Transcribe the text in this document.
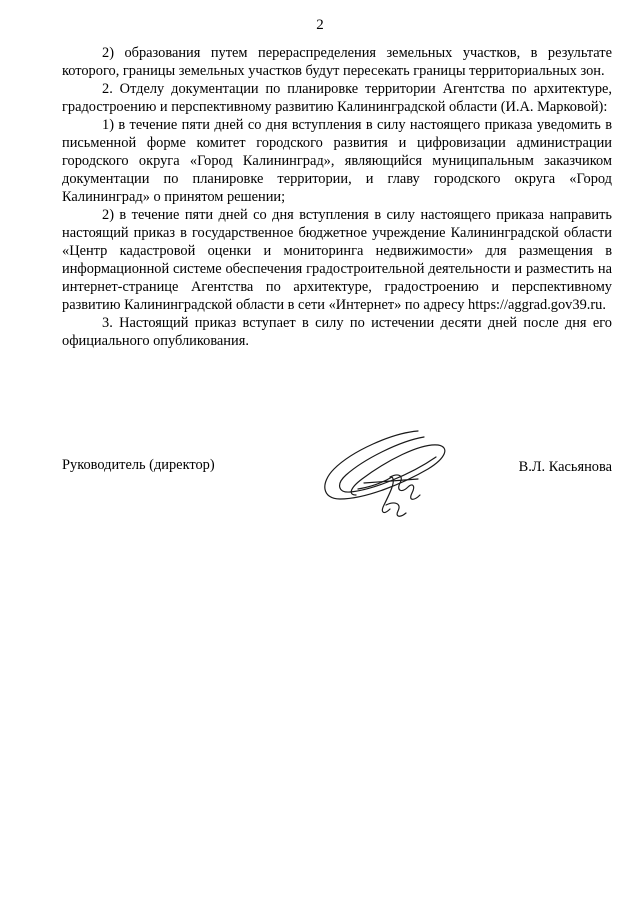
2

2) образования путем перераспределения земельных участков, в результате которого, границы земельных участков будут пересекать границы территориальных зон.

2. Отделу документации по планировке территории Агентства по архитектуре, градостроению и перспективному развитию Калининградской области (И.А. Марковой):

1) в течение пяти дней со дня вступления в силу настоящего приказа уведомить в письменной форме комитет городского развития и цифровизации администрации городского округа «Город Калининград», являющийся муниципальным заказчиком документации по планировке территории, и главу городского округа «Город Калининград» о принятом решении;

2) в течение пяти дней со дня вступления в силу настоящего приказа направить настоящий приказ в государственное бюджетное учреждение Калининградской области «Центр кадастровой оценки и мониторинга недвижимости» для размещения в информационной системе обеспечения градостроительной деятельности и разместить на интернет-странице Агентства по архитектуре, градостроению и перспективному развитию Калининградской области в сети «Интернет» по адресу https://aggrad.gov39.ru.

3. Настоящий приказ вступает в силу по истечении десяти дней после дня его официального опубликования.

Руководитель (директор)	В.Л. Касьянова
